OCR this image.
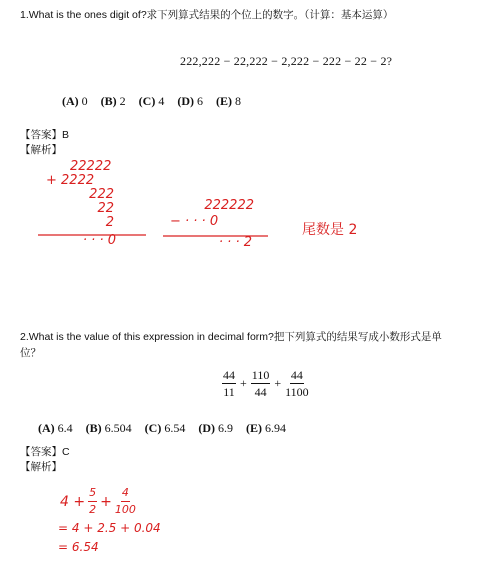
1.What is the ones digit of?求下列算式结果的个位上的数字。（计算：基本运算）
222,222 − 22,222 − 2,222 − 222 − 22 − 2?
(A) 0 (B) 2 (C) 4 (D) 6 (E) 8
【答案】B
【解析】
22222
+ 2222
222
22
2
· · · 0
222222
− · · · 0
· · · 2
尾数是 2
2.What is the value of this expression in decimal form?把下列算式的结果写成小数形式是单
位？
$\frac{44}{11} + \frac{110}{44} + \frac{44}{1100}$
(A) 6.4 (B) 6.504 (C) 6.54 (D) 6.9 (E) 6.94
【答案】C
【解析】
$4 + \frac{5}{2} + \frac{4}{100}$
= 4 + 2.5 + 0.04
= 6.54
